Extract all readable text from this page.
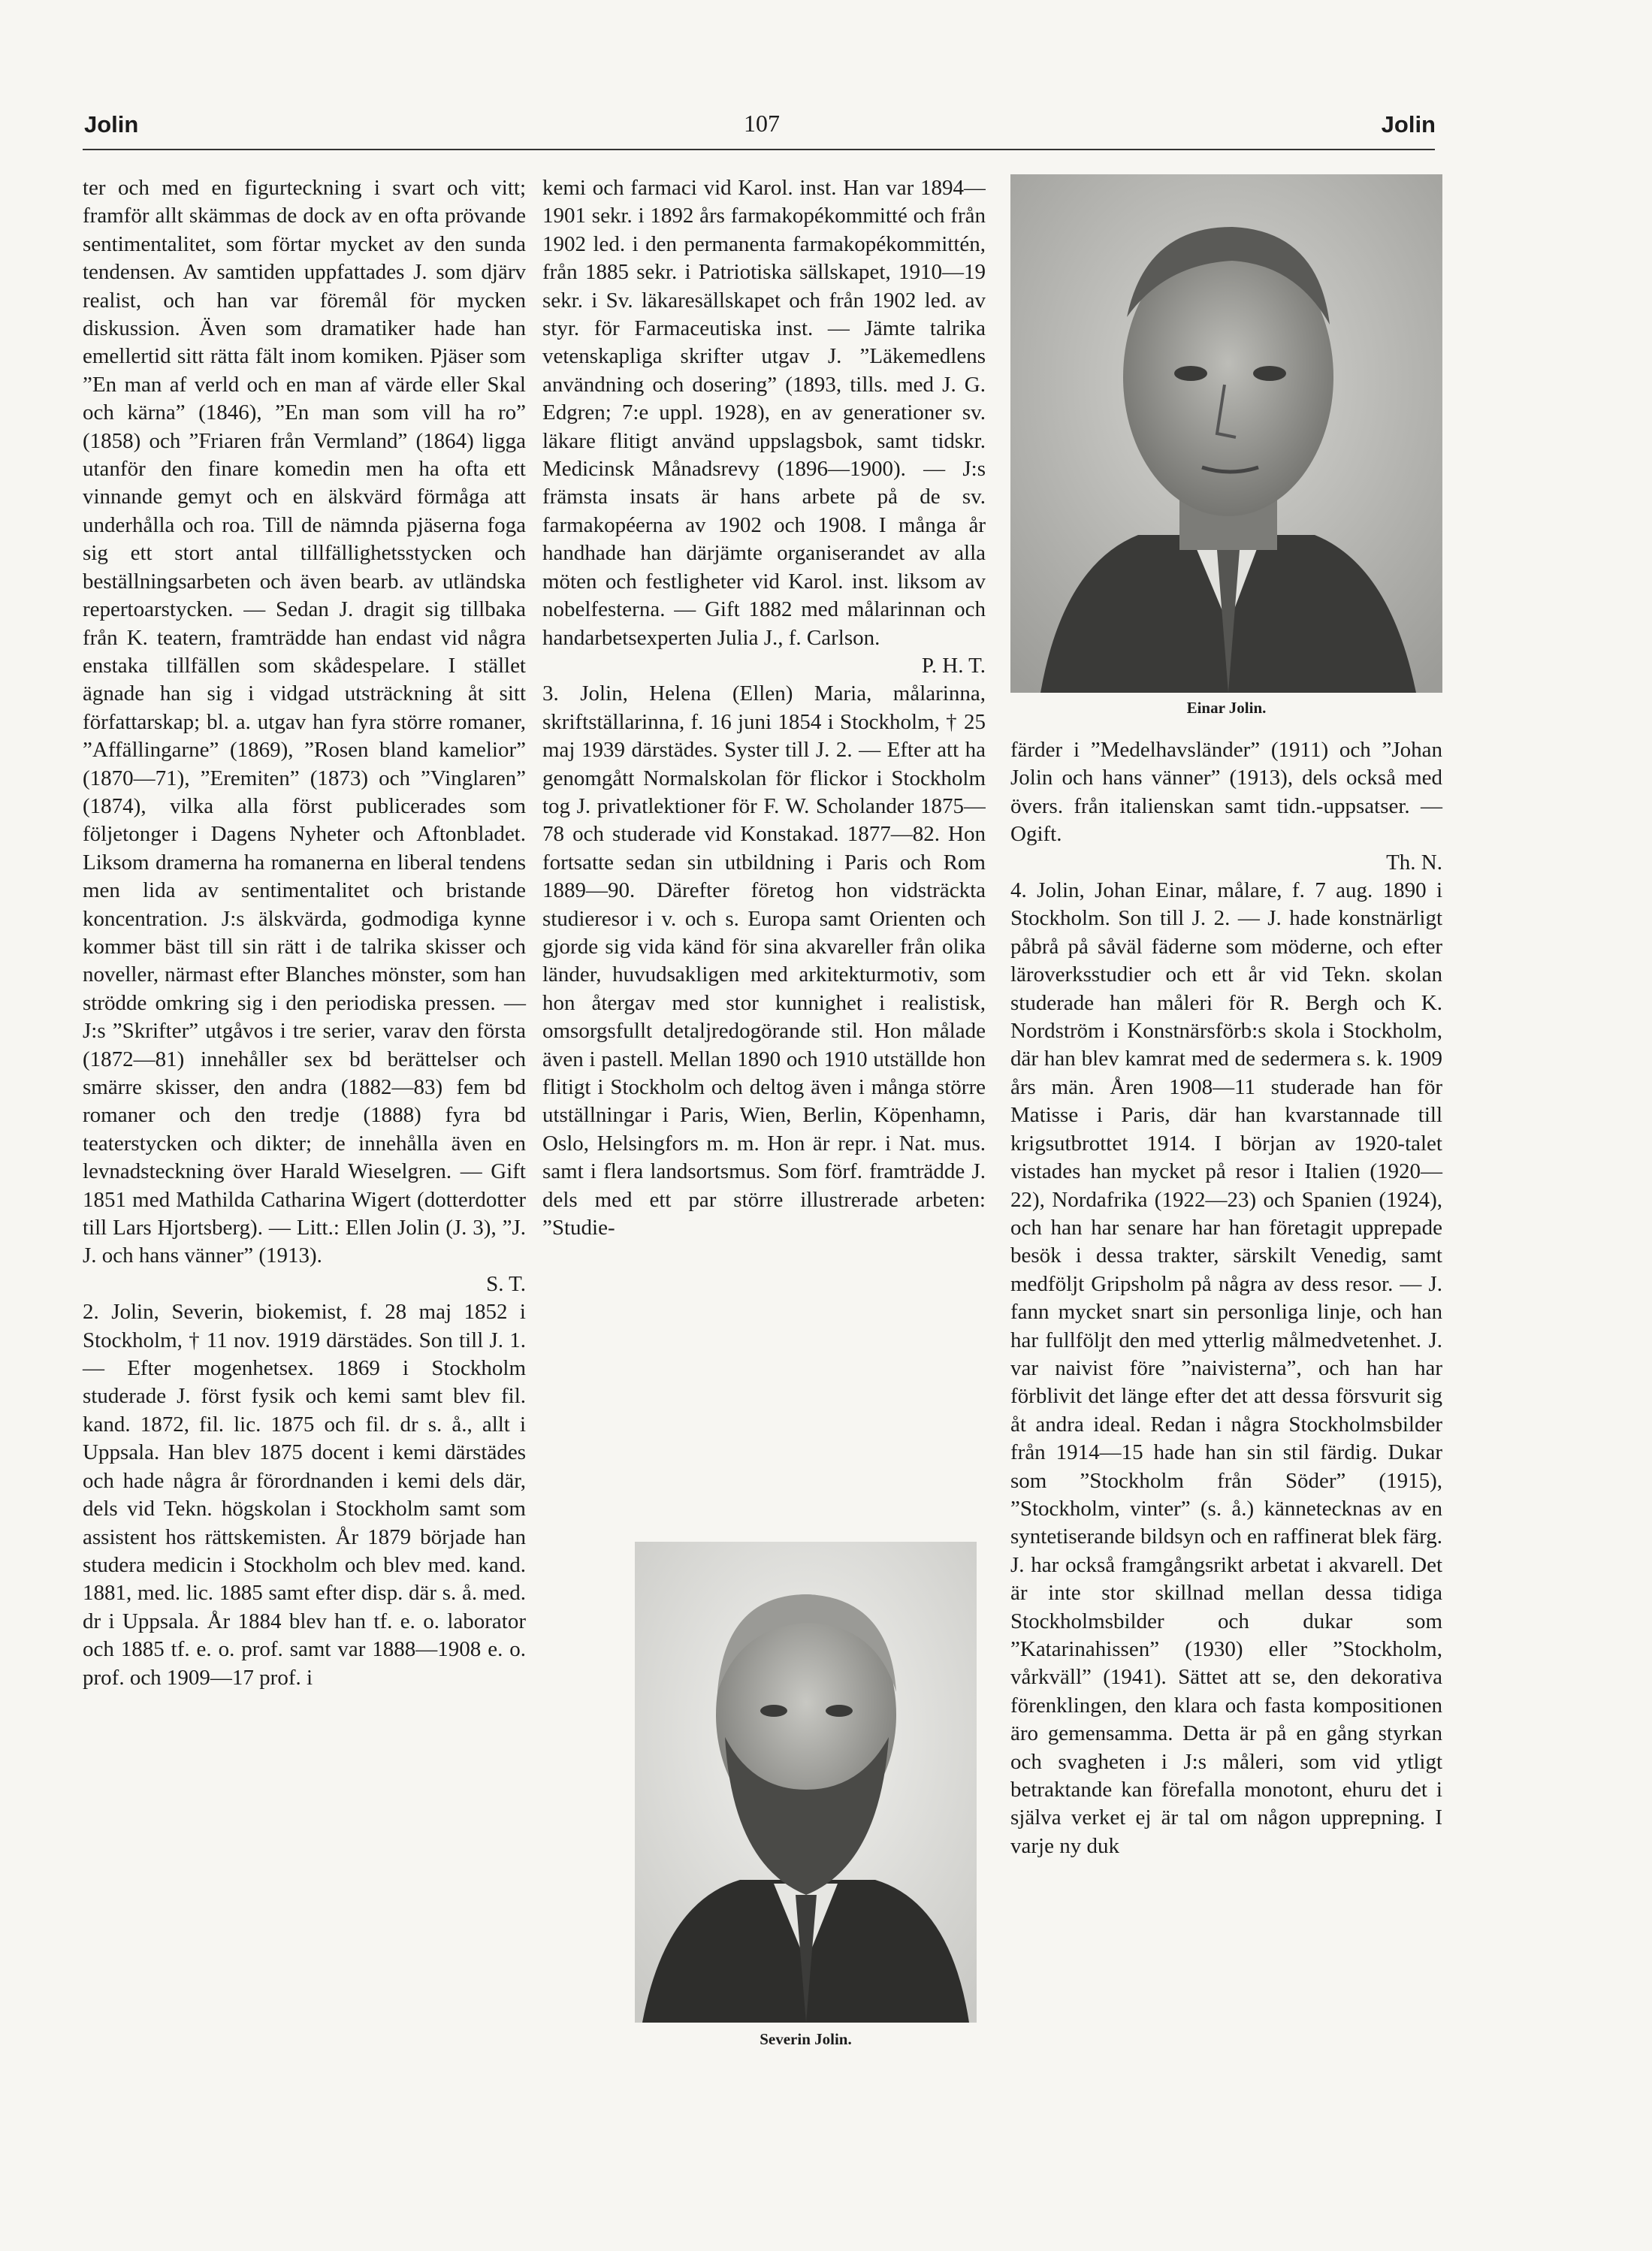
Jolin	107	Jolin

ter och med en figurteckning i svart och vitt; framför allt skämmas de dock av en ofta prövande sentimentalitet, som förtar mycket av den sunda tendensen. Av samtiden uppfattades J. som djärv realist, och han var föremål för mycken diskussion. Även som dramatiker hade han emellertid sitt rätta fält inom komiken. Pjäser som ”En man af verld och en man af värde eller Skal och kärna” (1846), ”En man som vill ha ro” (1858) och ”Friaren från Vermland” (1864) ligga utanför den finare komedin men ha ofta ett vinnande gemyt och en älskvärd förmåga att underhålla och roa. Till de nämnda pjäserna foga sig ett stort antal tillfällighetsstycken och beställningsarbeten och även bearb. av utländska repertoarstycken. — Sedan J. dragit sig tillbaka från K. teatern, framträdde han endast vid några enstaka tillfällen som skådespelare. I stället ägnade han sig i vidgad utsträckning åt sitt författarskap; bl. a. utgav han fyra större romaner, ”Affällingarne” (1869), ”Rosen bland kamelior” (1870—71), ”Eremiten” (1873) och ”Vinglaren” (1874), vilka alla först publicerades som följetonger i Dagens Nyheter och Aftonbladet. Liksom dramerna ha romanerna en liberal tendens men lida av sentimentalitet och bristande koncentration. J:s älskvärda, godmodiga kynne kommer bäst till sin rätt i de talrika skisser och noveller, närmast efter Blanches mönster, som han strödde omkring sig i den periodiska pressen. — J:s ”Skrifter” utgåvos i tre serier, varav den första (1872—81) innehåller sex bd berättelser och smärre skisser, den andra (1882—83) fem bd romaner och den tredje (1888) fyra bd teaterstycken och dikter; de innehålla även en levnadsteckning över Harald Wieselgren. — Gift 1851 med Mathilda Catharina Wigert (dotterdotter till Lars Hjortsberg). — Litt.: Ellen Jolin (J. 3), ”J. J. och hans vänner” (1913).

S. T.

2. Jolin, Severin, biokemist, f. 28 maj 1852 i Stockholm, † 11 nov. 1919 därstädes. Son till J. 1. — Efter mogenhetsex. 1869 i Stockholm studerade J. först fysik och kemi samt blev fil. kand. 1872, fil. lic. 1875 och fil. dr s. å., allt i Uppsala. Han blev 1875 docent i kemi därstädes och hade några år förordnanden i kemi dels där, dels vid Tekn. högskolan i Stockholm samt som assistent hos rättskemisten. År 1879 började han studera medicin i Stockholm och blev med. kand. 1881, med. lic. 1885 samt efter disp. där s. å. med. dr i Uppsala. År 1884 blev han tf. e. o. laborator och 1885 tf. e. o. prof. samt var 1888—1908 e. o. prof. och 1909—17 prof. i

kemi och farmaci vid Karol. inst. Han var 1894—1901 sekr. i 1892 års farmakopékommitté och från 1902 led. i den permanenta farmakopékommittén, från 1885 sekr. i Patriotiska sällskapet, 1910—19 sekr. i Sv. läkaresällskapet och från 1902 led. av styr. för Farmaceutiska inst. — Jämte talrika vetenskapliga skrifter utgav J. ”Läkemedlens användning och dosering” (1893, tills. med J. G. Edgren; 7:e uppl. 1928), en av generationer sv. läkare flitigt använd uppslagsbok, samt tidskr. Medicinsk Månadsrevy (1896—1900). — J:s främsta insats är hans arbete på de sv. farmakopéerna av 1902 och 1908. I många år handhade han därjämte organiserandet av alla möten och festligheter vid Karol. inst. liksom av nobelfesterna. — Gift 1882 med målarinnan och handarbetsexperten Julia J., f. Carlson.

P. H. T.

3. Jolin, Helena (Ellen) Maria, målarinna, skriftställarinna, f. 16 juni 1854 i Stockholm, † 25 maj 1939 därstädes. Syster till J. 2. — Efter att ha genomgått Normalskolan för flickor i Stockholm tog J. privatlektioner för F. W. Scholander 1875—78 och studerade vid Konstakad. 1877—82. Hon fortsatte sedan sin utbildning i Paris och Rom 1889—90. Därefter företog hon vidsträckta studieresor i v. och s. Europa samt Orienten och gjorde sig vida känd för sina akvareller från olika länder, huvudsakligen med arkitekturmotiv, som hon återgav med stor kunnighet i realistisk, omsorgsfullt detaljredogörande stil. Hon målade även i pastell. Mellan 1890 och 1910 utställde hon flitigt i Stockholm och deltog även i många större utställningar i Paris, Wien, Berlin, Köpenhamn, Oslo, Helsingfors m. m. Hon är repr. i Nat. mus. samt i flera landsortsmus. Som förf. framträdde J. dels med ett par större illustrerade arbeten: ”Studie-

Einar Jolin.

färder i ”Medelhavsländer” (1911) och ”Johan Jolin och hans vänner” (1913), dels också med övers. från italienskan samt tidn.-uppsatser. — Ogift.

Th. N.

4. Jolin, Johan Einar, målare, f. 7 aug. 1890 i Stockholm. Son till J. 2. — J. hade konstnärligt påbrå på såväl fäderne som möderne, och efter läroverksstudier och ett år vid Tekn. skolan studerade han måleri för R. Bergh och K. Nordström i Konstnärsförb:s skola i Stockholm, där han blev kamrat med de sedermera s. k. 1909 års män. Åren 1908—11 studerade han för Matisse i Paris, där han kvarstannade till krigsutbrottet 1914. I början av 1920-talet vistades han mycket på resor i Italien (1920—22), Nordafrika (1922—23) och Spanien (1924), och han har senare har han företagit upprepade besök i dessa trakter, särskilt Venedig, samt medföljt Gripsholm på några av dess resor. — J. fann mycket snart sin personliga linje, och han har fullföljt den med ytterlig målmedvetenhet. J. var naivist före ”naivisterna”, och han har förblivit det länge efter det att dessa försvurit sig åt andra ideal. Redan i några Stockholmsbilder från 1914—15 hade han sin stil färdig. Dukar som ”Stockholm från Söder” (1915), ”Stockholm, vinter” (s. å.) kännetecknas av en syntetiserande bildsyn och en raffinerat blek färg. J. har också framgångsrikt arbetat i akvarell. Det är inte stor skillnad mellan dessa tidiga Stockholmsbilder och dukar som ”Katarinahissen” (1930) eller ”Stockholm, vårkväll” (1941). Sättet att se, den dekorativa förenklingen, den klara och fasta kompositionen äro gemensamma. Detta är på en gång styrkan och svagheten i J:s måleri, som vid ytligt betraktande kan förefalla monotont, ehuru det i själva verket ej är tal om någon upprepning. I varje ny duk

Severin Jolin.
